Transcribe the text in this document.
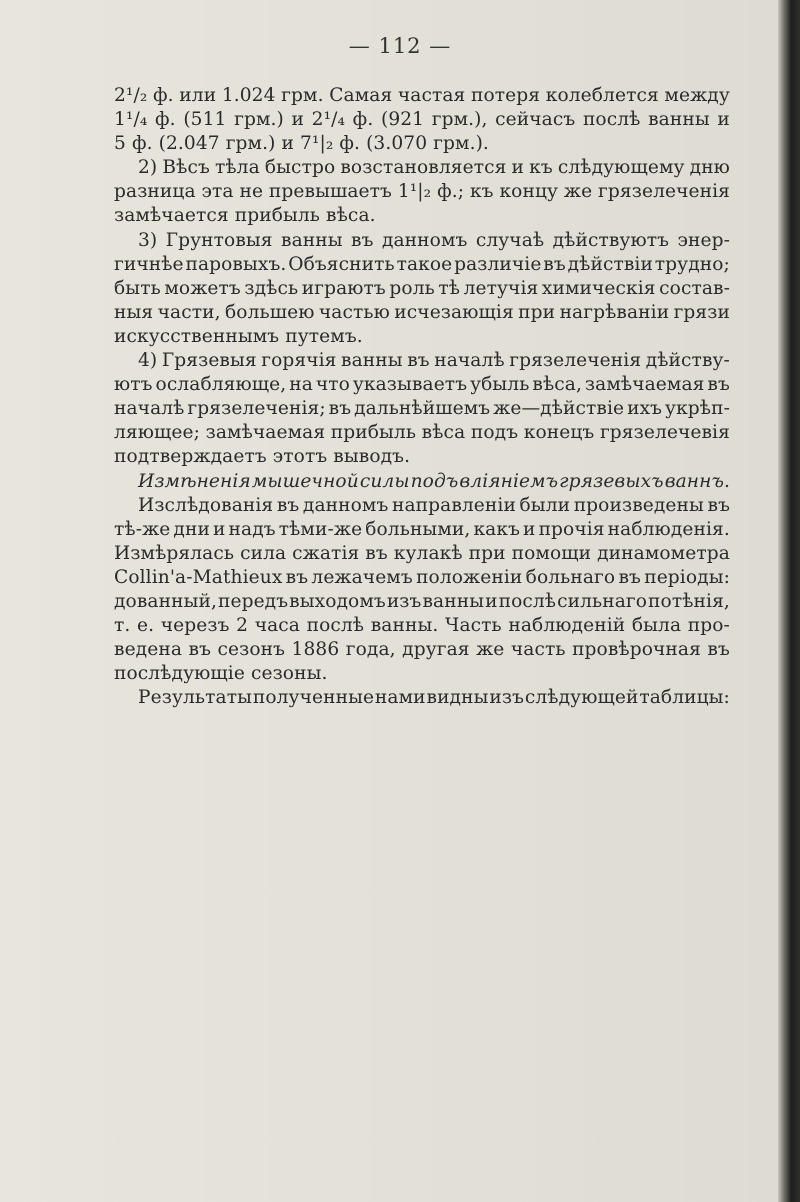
— 112 —
2¹/₂ ф. или 1.024 грм. Самая частая потеря колеблется между
1¹/₄ ф. (511 грм.) и 2¹/₄ ф. (921 грм.), сейчасъ послѣ ванны и
5 ф. (2.047 грм.) и 7¹|₂ ф. (3.070 грм.).
2) Вѣсъ тѣла быстро возстановляется и къ слѣдующему дню
разница эта не превышаетъ 1¹|₂ ф.; къ концу же грязелеченія
замѣчается прибыль вѣса.
3) Грунтовыя ванны въ данномъ случаѣ дѣйствуютъ энер-
гичнѣе паровыхъ. Объяснить такое различіе въ дѣйствіи трудно;
быть можетъ здѣсь играютъ роль тѣ летучія химическія состав-
ныя части, большею частью исчезающія при нагрѣваніи грязи
искусственнымъ путемъ.
4) Грязевыя горячія ванны въ началѣ грязелеченія дѣйству-
ютъ ослабляюще, на что указываетъ убыль вѣса, замѣчаемая въ
началѣ грязелеченія; въ дальнѣйшемъ же—дѣйствіе ихъ укрѣп-
ляющее; замѣчаемая прибыль вѣса подъ конецъ грязелечевія
подтверждаетъ этотъ выводъ.
Измѣненія мышечной силы подъ вліяніемъ грязевыхъ ваннъ.
Изслѣдованія въ данномъ направленіи были произведены въ
тѣ-же дни и надъ тѣми-же больными, какъ и прочія наблюденія.
Измѣрялась сила сжатія въ кулакѣ при помощи динамометра
Collin'a-Mathieux въ лежачемъ положеніи больнаго въ періоды:
дованный, передъ выходомъ изъ ванны и послѣ сильнаго потѣнія,
т. е. черезъ 2 часа послѣ ванны. Часть наблюденій была про-
ведена въ сезонъ 1886 года, другая же часть провѣрочная въ
послѣдующіе сезоны.
Результаты полученные нами видны изъ слѣдующей таблицы:
